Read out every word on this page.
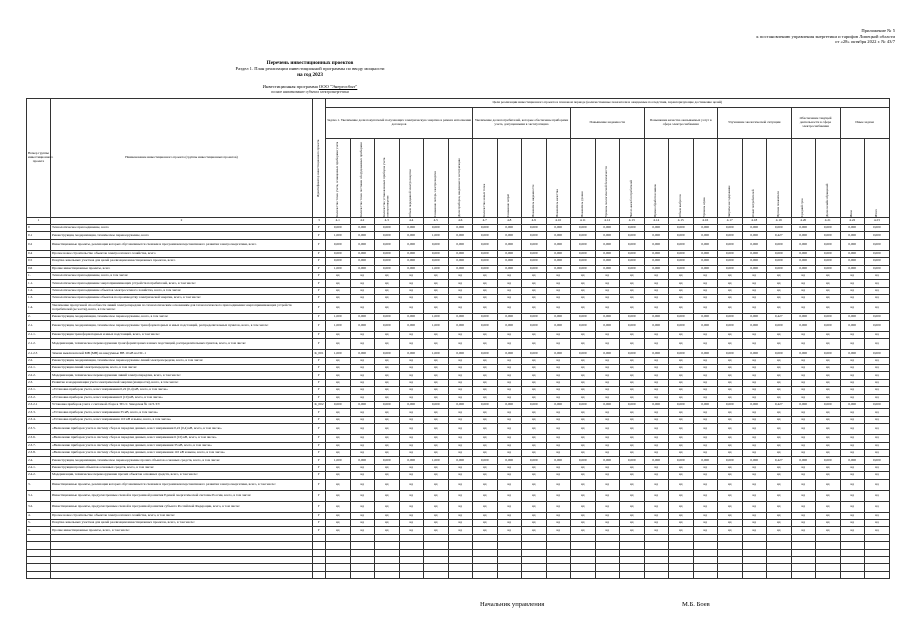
Приложение № 5
к постановлению управления энергетики и тарифов Липецкой области
от «28» октября 2022 г. № 43/7
Перечень инвестиционных проектов
Раздел 1. План реализации инвестиционной программы по вводу мощности
на год 2023
Инвестиционная программа ООО "Энергосбыт"
полное наименование субъекта электроэнергетики
Номер группы инвестиционного проекта	Наименование инвестиционного проекта (группы инвестиционных проектов)	Идентификатор инвестиционного проекта	Цели реализации инвестиционного проекта в плановом периоде (количественные показатели и ожидаемые последствия, характеризующие достижение целей)																						
			Задача 1. Увеличение доли покупателей получающих электрическую энергию в рамках исполнения договоров						Увеличение доли потребителей, которые обеспечены приборами учета, допущенными в эксплуатацию				Повышение надежности			Повышение качества оказываемых услуг в сфере электроснабжения			Улучшение экологической ситуации			Обеспечение текущей деятельности в сфере электроснабжения		Иные задачи	

			Количество точек учета, оснащенных приборами учета	Количество точек поставки оборудованных приборами	Количество установленных приборов учета электроэнергии	Объем переданной электроэнергии	Снижение потерь электроэнергии	Доля приборов, введенных в эксплуатацию	Количество новых точек	Снижение затрат	Показатель надежности	Показатель качества	Показатель уровня	Уровень экологической безопасности	Число жалоб потребителей	Время обработки заявок	Объем выбросов	Уровень шума	Затраты на содержание	Охват потребителей	Прочие показатели	Средний срок	Доля онлайн обращений	Иное	Итого

1	2	3	4.1	4.2	4.3	4.4	4.5	4.6	4.7	4.8	4.9	4.10	4.11	4.12	4.13	4.14	4.15	4.16	4.17	4.18	4.19	4.20	4.21	4.22	4.23
0	Технологическое присоединение, всего	Г	0,000	0,000	0,000	0,000	0,000	0,000	0,000	0,000	0,000	0,000	0,000	0,000	0,000	0,000	0,000	0,000	0,000	0,000	0,000	0,000	0,000	0,000	0,000
0.1	Реконструкция, модернизация, техническое перевооружение, всего	Г	1,000	0,000	0,000	0,000	1,000	0,000	0,000	0,000	0,000	0,000	0,000	0,000	0,000	0,000	0,000	0,000	0,000	0,000	0,427	0,000	0,000	0,000	0,000
0.2	Инвестиционные проекты, реализация которых обуславливается схемами и программами перспективного развития электроэнергетики, всего	Г	0,000	0,000	0,000	0,000	0,000	0,000	0,000	0,000	0,000	0,000	0,000	0,000	0,000	0,000	0,000	0,000	0,000	0,000	0,000	0,000	0,000	0,000	0,000
0.4	Прочее новое строительство объектов электросетевого хозяйства, всего	Г	0,000	0,000	0,000	0,000	0,000	0,000	0,000	0,000	0,000	0,000	0,000	0,000	0,000	0,000	0,000	0,000	0,000	0,000	0,000	0,000	0,000	0,000	0,000
0.5	Покупка земельных участков для целей реализации инвестиционных проектов, всего	Г	0,000	0,000	0,000	0,000	0,000	0,000	0,000	0,000	0,000	0,000	0,000	0,000	0,000	0,000	0,000	0,000	0,000	0,000	0,000	0,000	0,000	0,000	0,000
0.6	Прочие инвестиционные проекты, всего	Г	1,000	0,000	0,000	0,000	1,000	0,000	0,000	0,000	0,000	0,000	0,000	0,000	0,000	0,000	0,000	0,000	0,000	0,000	0,000	0,000	0,000	0,000	0,000
1.	Технологическое присоединение, всего, в том числе:	Г	нд	нд	нд	нд	нд	нд	нд	нд	нд	нд	нд	нд	нд	нд	нд	нд	нд	нд	нд	нд	нд	нд	нд
1.1.	Технологическое присоединение энергопринимающих устройств потребителей, всего, в том числе:	Г	нд	нд	нд	нд	нд	нд	нд	нд	нд	нд	нд	нд	нд	нд	нд	нд	нд	нд	нд	нд	нд	нд	нд
1.2.	Технологическое присоединение объектов электросетевого хозяйства, всего, в том числе:	Г	нд	нд	нд	нд	нд	нд	нд	нд	нд	нд	нд	нд	нд	нд	нд	нд	нд	нд	нд	нд	нд	нд	нд
1.3.	Технологическое присоединение объектов по производству электрической энергии, всего, в том числе:	Г	нд	нд	нд	нд	нд	нд	нд	нд	нд	нд	нд	нд	нд	нд	нд	нд	нд	нд	нд	нд	нд	нд	нд
1.4.	Увеличение пропускной способности линий электропередачи по технологическим основаниям для технологического присоединения энергопринимающих устройств потребителей (ее части), всего, в том числе:	Г	нд	нд	нд	нд	нд	нд	нд	нд	нд	нд	нд	нд	нд	нд	нд	нд	нд	нд	нд	нд	нд	нд	нд
2.	Реконструкция, модернизация, техническое перевооружение, всего, в том числе:	Г	1,000	0,000	0,000	0,000	1,000	0,000	0,000	0,000	0,000	0,000	0,000	0,000	0,000	0,000	0,000	0,000	0,000	0,000	0,427	0,000	0,000	0,000	0,000
2.1.	Реконструкция, модернизация, техническое перевооружение трансформаторных и иных подстанций, распределительных пунктов, всего, в том числе:	Г	1,000	0,000	0,000	0,000	1,000	0,000	0,000	0,000	0,000	0,000	0,000	0,000	0,000	0,000	0,000	0,000	0,000	0,000	0,000	0,000	0,000	0,000	0,000
2.1.1.	Реконструкция трансформаторных и иных подстанций, всего, в том числе:	Г	нд	нд	нд	нд	нд	нд	нд	нд	нд	нд	нд	нд	нд	нд	нд	нд	нд	нд	нд	нд	нд	нд	нд
2.1.2.	Модернизация, техническое перевооружение трансформаторных и иных подстанций, распределительных пунктов, всего, в том числе:	Г	нд	нд	нд	нд	нд	нд	нд	нд	нд	нд	нд	нд	нд	нд	нд	нд	нд	нд	нд	нд	нд	нд	нд
2.1.2.3	Замена выключателей МВ (МВ) на вакуумные ВВ 10 кВ на ПС-1	К_001	1,000	0,000	0,000	0,000	1,000	0,000	0,000	0,000	0,000	0,000	0,000	0,000	0,000	0,000	0,000	0,000	0,000	0,000	0,000	0,000	0,000	0,000	0,000
2.2.	Реконструкция, модернизация, техническое перевооружение линий электропередачи, всего, в том числе:	Г	нд	нд	нд	нд	нд	нд	нд	нд	нд	нд	нд	нд	нд	нд	нд	нд	нд	нд	нд	нд	нд	нд	нд
2.2.1.	Реконструкция линий электропередачи, всего, в том числе:	Г	нд	нд	нд	нд	нд	нд	нд	нд	нд	нд	нд	нд	нд	нд	нд	нд	нд	нд	нд	нд	нд	нд	нд
2.2.2.	Модернизация, техническое перевооружение линий электропередачи, всего, в том числе:	Г	нд	нд	нд	нд	нд	нд	нд	нд	нд	нд	нд	нд	нд	нд	нд	нд	нд	нд	нд	нд	нд	нд	нд
2.3.	Развитие и модернизация учета электрической энергии (мощности), всего, в том числе:	Г	нд	нд	нд	нд	нд	нд	нд	нд	нд	нд	нд	нд	нд	нд	нд	нд	нд	нд	нд	нд	нд	нд	нд
2.3.1.	«Установка приборов учета, класс напряжения 0,22 (0,4) кВ, всего, в том числе»	Г	нд	нд	нд	нд	нд	нд	нд	нд	нд	нд	нд	нд	нд	нд	нд	нд	нд	нд	нд	нд	нд	нд	нд
2.3.2.	«Установка приборов учета, класс напряжения 6 (10) кВ, всего, в том числе»	Г	нд	нд	нд	нд	нд	нд	нд	нд	нд	нд	нд	нд	нд	нд	нд	нд	нд	нд	нд	нд	нд	нд	нд
2.3.2.1	Установка приборов учета с системой сбора в ТП ст. Заводская № 12/3-ТЭ	К_002	0,000	0,000	0,000	0,000	0,000	0,000	0,000	0,000	0,000	0,000	0,000	0,000	0,000	0,000	0,000	0,000	0,000	0,000	0,427	0,000	0,000	0,000	0,000
2.3.3.	«Установка приборов учета, класс напряжения 35 кВ, всего, в том числе»	Г	нд	нд	нд	нд	нд	нд	нд	нд	нд	нд	нд	нд	нд	нд	нд	нд	нд	нд	нд	нд	нд	нд	нд
2.3.4.	«Установка приборов учета, класс напряжения 110 кВ и выше, всего, в том числе»	Г	нд	нд	нд	нд	нд	нд	нд	нд	нд	нд	нд	нд	нд	нд	нд	нд	нд	нд	нд	нд	нд	нд	нд
2.3.5.	«Включение приборов учета в систему сбора и передачи данных, класс напряжения 0,22 (0,4) кВ, всего, в том числе»	Г	нд	нд	нд	нд	нд	нд	нд	нд	нд	нд	нд	нд	нд	нд	нд	нд	нд	нд	нд	нд	нд	нд	нд
2.3.6.	«Включение приборов учета в систему сбора и передачи данных, класс напряжения 6 (10) кВ, всего, в том числе»	Г	нд	нд	нд	нд	нд	нд	нд	нд	нд	нд	нд	нд	нд	нд	нд	нд	нд	нд	нд	нд	нд	нд	нд
2.3.7.	«Включение приборов учета в систему сбора и передачи данных, класс напряжения 35 кВ, всего, в том числе»	Г	нд	нд	нд	нд	нд	нд	нд	нд	нд	нд	нд	нд	нд	нд	нд	нд	нд	нд	нд	нд	нд	нд	нд
2.3.8.	«Включение приборов учета в систему сбора и передачи данных, класс напряжения 110 кВ и выше, всего, в том числе»	Г	нд	нд	нд	нд	нд	нд	нд	нд	нд	нд	нд	нд	нд	нд	нд	нд	нд	нд	нд	нд	нд	нд	нд
2.4.	Реконструкция, модернизация, техническое перевооружение прочих объектов основных средств, всего, в том числе:	Г	1,000	0,000	0,000	0,000	1,000	0,000	0,000	0,000	0,000	0,000	0,000	0,000	0,000	0,000	0,000	0,000	0,000	0,000	0,427	0,000	0,000	0,000	0,000
2.4.1.	Реконструкция прочих объектов основных средств, всего, в том числе:	Г	нд	нд	нд	нд	нд	нд	нд	нд	нд	нд	нд	нд	нд	нд	нд	нд	нд	нд	нд	нд	нд	нд	нд
2.4.2.	Модернизация, техническое перевооружение прочих объектов основных средств, всего, в том числе:	Г	нд	нд	нд	нд	нд	нд	нд	нд	нд	нд	нд	нд	нд	нд	нд	нд	нд	нд	нд	нд	нд	нд	нд
3.	Инвестиционные проекты, реализация которых обуславливается схемами и программами перспективного развития электроэнергетики, всего, в том числе:	Г	нд	нд	нд	нд	нд	нд	нд	нд	нд	нд	нд	нд	нд	нд	нд	нд	нд	нд	нд	нд	нд	нд	нд
3.1.	Инвестиционные проекты, предусмотренные схемой и программой развития Единой энергетической системы России, всего, в том числе:	Г	нд	нд	нд	нд	нд	нд	нд	нд	нд	нд	нд	нд	нд	нд	нд	нд	нд	нд	нд	нд	нд	нд	нд
3.2.	Инвестиционные проекты, предусмотренные схемой и программой развития субъекта Российской Федерации, всего, в том числе:	Г	нд	нд	нд	нд	нд	нд	нд	нд	нд	нд	нд	нд	нд	нд	нд	нд	нд	нд	нд	нд	нд	нд	нд
4.	Прочее новое строительство объектов электросетевого хозяйства, всего, в том числе:	Г	нд	нд	нд	нд	нд	нд	нд	нд	нд	нд	нд	нд	нд	нд	нд	нд	нд	нд	нд	нд	нд	нд	нд
5.	Покупка земельных участков для целей реализации инвестиционных проектов, всего, в том числе:	Г	нд	нд	нд	нд	нд	нд	нд	нд	нд	нд	нд	нд	нд	нд	нд	нд	нд	нд	нд	нд	нд	нд	нд
6.	Прочие инвестиционные проекты, всего, в том числе:	Г	нд	нд	нд	нд	нд	нд	нд	нд	нд	нд	нд	нд	нд	нд	нд	нд	нд	нд	нд	нд	нд	нд	нд

Начальник управления	М.Б. Боев
